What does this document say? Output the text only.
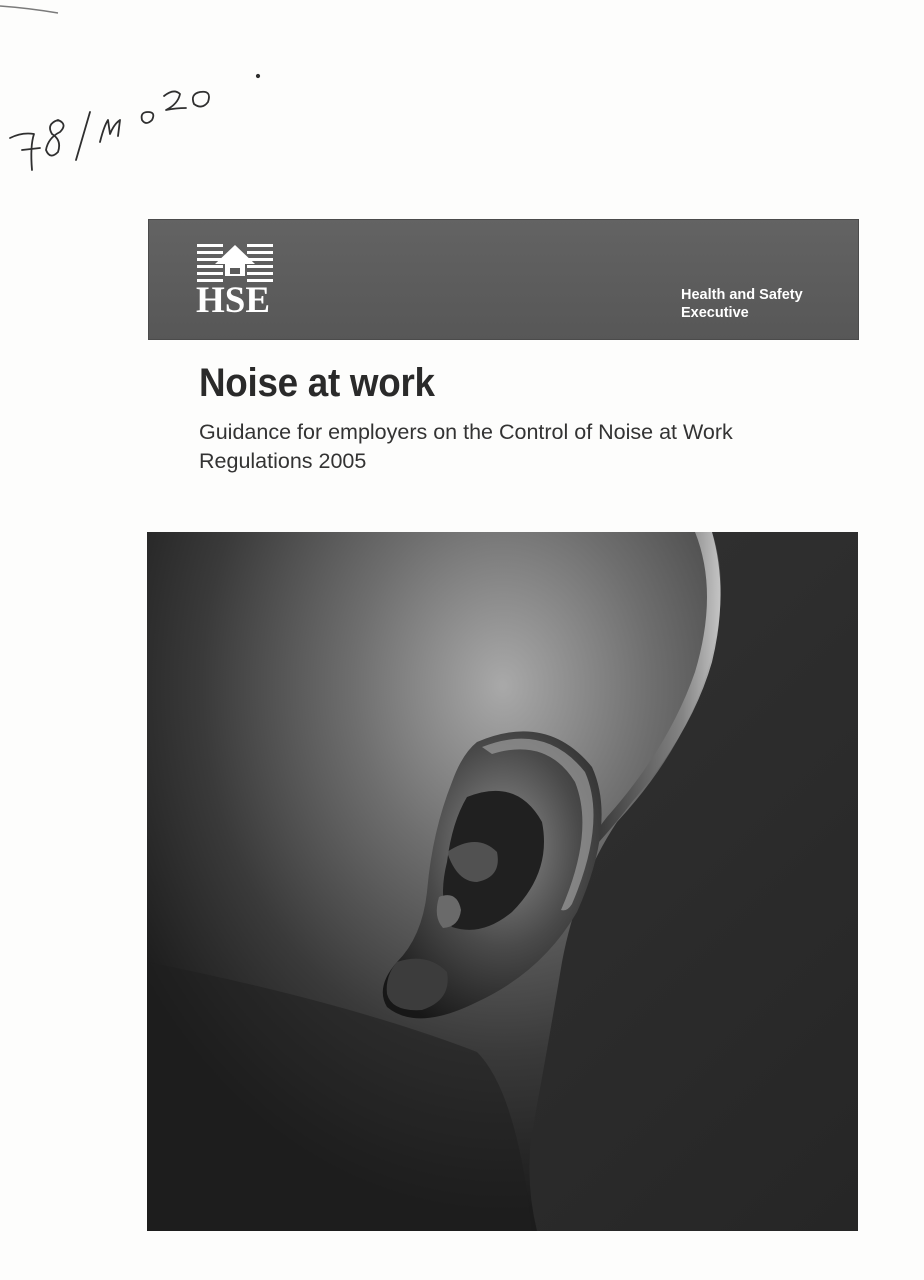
HSE	Health and Safety
Executive
Noise at work
Guidance for employers on the Control of Noise at Work
Regulations 2005
